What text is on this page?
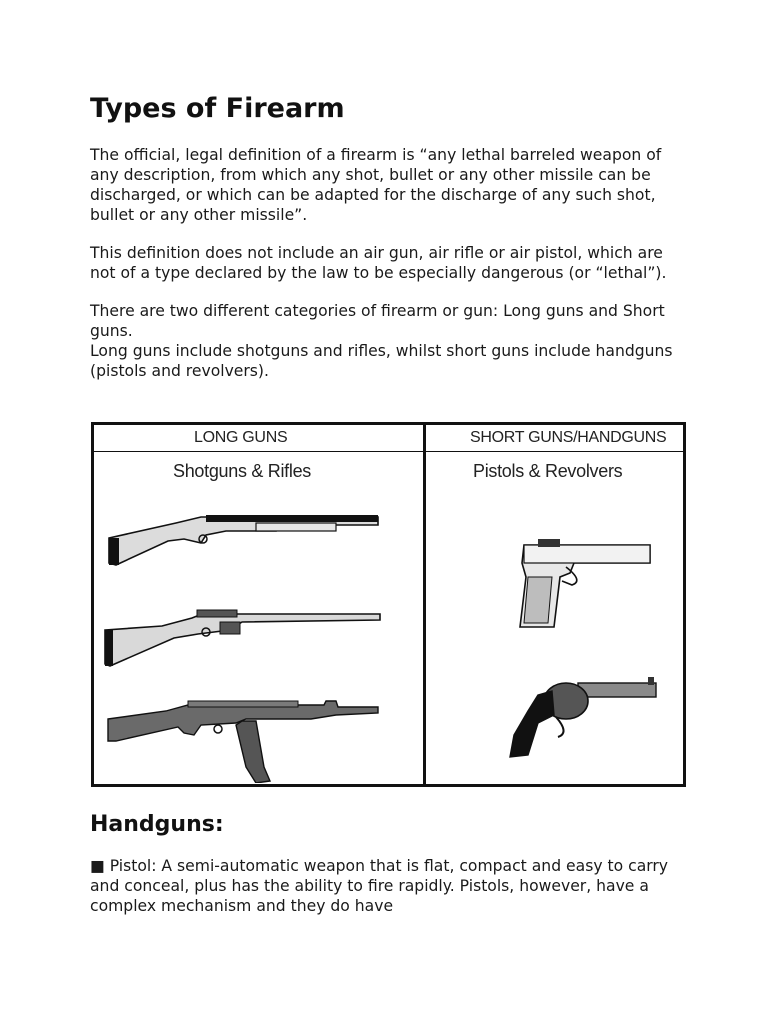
Types of Firearm

The official, legal definition of a firearm is “any lethal barreled weapon of any description, from which any shot, bullet or any other missile can be discharged, or which can be adapted for the discharge of any such shot, bullet or any other missile”.

This definition does not include an air gun, air rifle or air pistol, which are not of a type declared by the law to be especially dangerous (or “lethal”).

There are two different categories of firearm or gun: Long guns and Short guns.

Long guns include shotguns and rifles, whilst short guns include handguns (pistols and revolvers).

LONG GUNS	SHORT GUNS/HANDGUNS
Shotguns & Rifles	Pistols & Revolvers
Handguns:

■ Pistol: A semi-automatic weapon that is flat, compact and easy to carry and conceal, plus has the ability to fire rapidly. Pistols, however, have a complex mechanism and they do have
